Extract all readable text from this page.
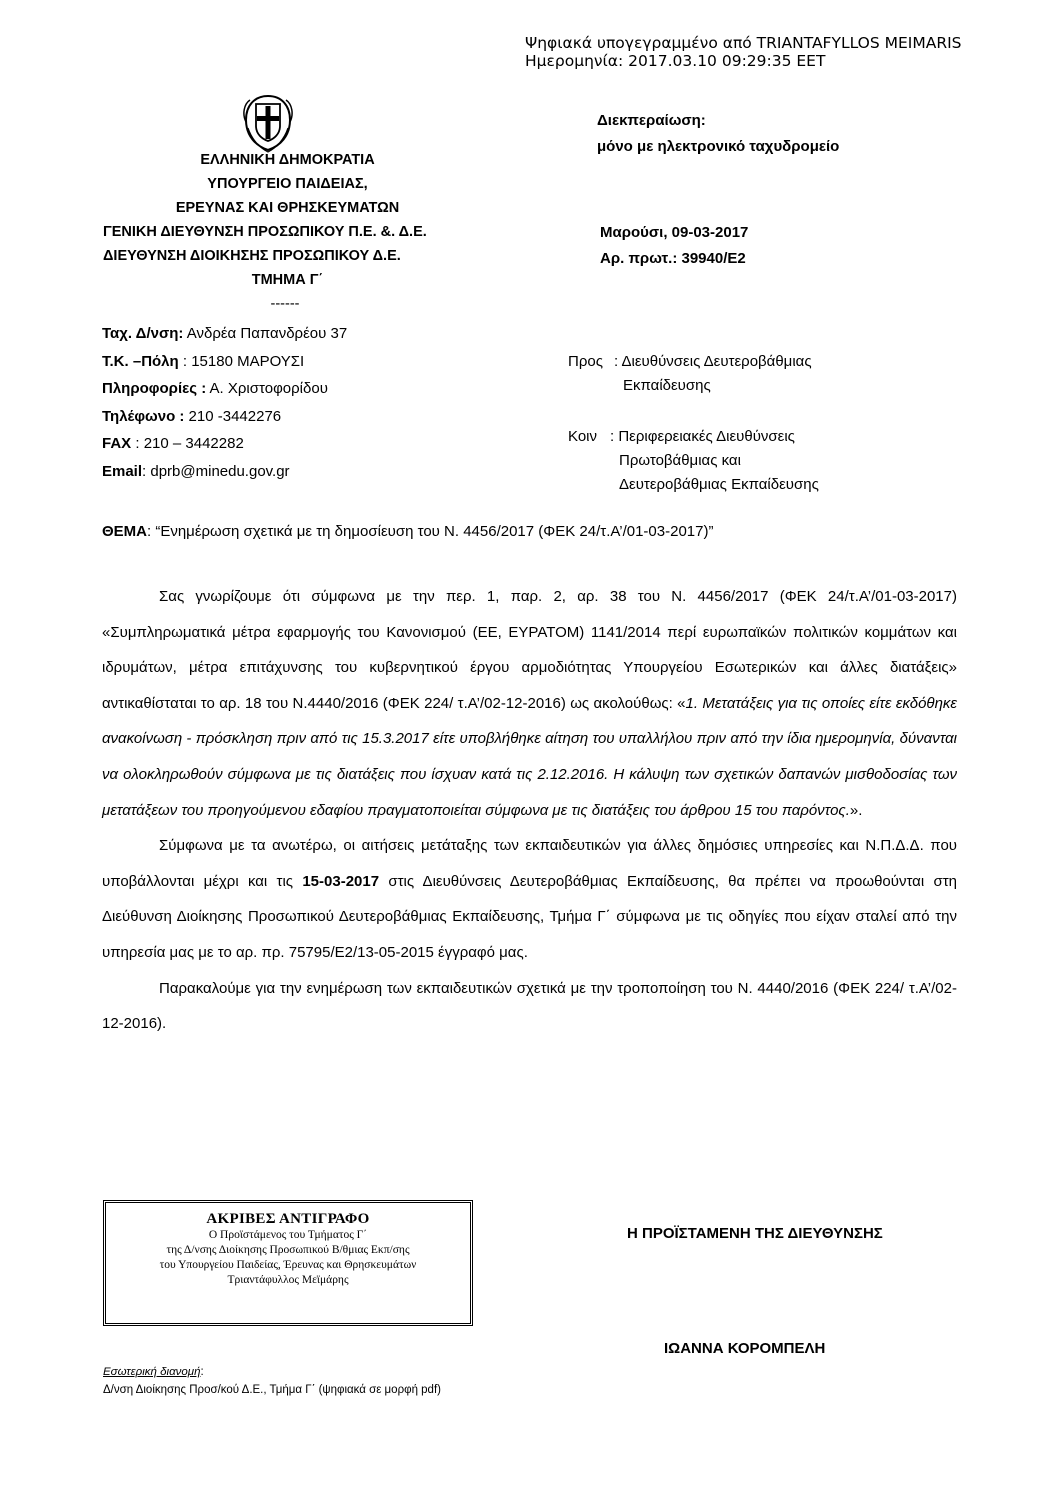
Ψηφιακά υπογεγραμμένο από TRIANTAFYLLOS MEIMARIS
Ημερομηνία: 2017.03.10 09:29:35 EET
ΕΛΛΗΝΙΚΗ ΔΗΜΟΚΡΑΤΙΑ
ΥΠΟΥΡΓΕΙΟ ΠΑΙΔΕΙΑΣ,
ΕΡΕΥΝΑΣ ΚΑΙ ΘΡΗΣΚΕΥΜΑΤΩΝ
ΓΕΝΙΚΗ ΔΙΕΥΘΥΝΣΗ ΠΡΟΣΩΠΙΚΟΥ Π.Ε. &. Δ.Ε.
ΔΙΕΥΘΥΝΣΗ ΔΙΟΙΚΗΣΗΣ ΠΡΟΣΩΠΙΚΟΥ Δ.Ε.
ΤΜΗΜΑ Γ΄
------
Ταχ. Δ/νση: Ανδρέα Παπανδρέου 37
Τ.Κ. –Πόλη : 15180 ΜΑΡΟΥΣΙ
Πληροφορίες : Α. Χριστοφορίδου
Τηλέφωνο : 210 -3442276
FAX : 210 – 3442282
Email: dprb@minedu.gov.gr
Διεκπεραίωση:
μόνο με ηλεκτρονικό ταχυδρομείο
Μαρούσι, 09-03-2017
Αρ. πρωτ.: 39940/Ε2
Προς : Διευθύνσεις Δευτεροβάθμιας
Εκπαίδευσης
Κοιν : Περιφερειακές Διευθύνσεις
Πρωτοβάθμιας και
Δευτεροβάθμιας Εκπαίδευσης
ΘΕΜΑ: “Ενημέρωση σχετικά με τη δημοσίευση του Ν. 4456/2017 (ΦΕΚ 24/τ.Α’/01-03-2017)”

Σας γνωρίζουμε ότι σύμφωνα με την περ. 1, παρ. 2, αρ. 38 του Ν. 4456/2017 (ΦΕΚ 24/τ.Α’/01-03-2017) «Συμπληρωματικά μέτρα εφαρμογής του Κανονισμού (ΕΕ, ΕΥΡΑΤΟΜ) 1141/2014 περί ευρωπαϊκών πολιτικών κομμάτων και ιδρυμάτων, μέτρα επιτάχυνσης του κυβερνητικού έργου αρμοδιότητας Υπουργείου Εσωτερικών και άλλες διατάξεις» αντικαθίσταται το αρ. 18 του Ν.4440/2016 (ΦΕΚ 224/ τ.Α’/02-12-2016) ως ακολούθως: «1. Μετατάξεις για τις οποίες είτε εκδόθηκε ανακοίνωση - πρόσκληση πριν από τις 15.3.2017 είτε υποβλήθηκε αίτηση του υπαλλήλου πριν από την ίδια ημερομηνία, δύνανται να ολοκληρωθούν σύμφωνα με τις διατάξεις που ίσχυαν κατά τις 2.12.2016. Η κάλυψη των σχετικών δαπανών μισθοδοσίας των μετατάξεων του προηγούμενου εδαφίου πραγματοποιείται σύμφωνα με τις διατάξεις του άρθρου 15 του παρόντος.».

Σύμφωνα με τα ανωτέρω, οι αιτήσεις μετάταξης των εκπαιδευτικών για άλλες δημόσιες υπηρεσίες και Ν.Π.Δ.Δ. που υποβάλλονται μέχρι και τις 15-03-2017 στις Διευθύνσεις Δευτεροβάθμιας Εκπαίδευσης, θα πρέπει να προωθούνται στη Διεύθυνση Διοίκησης Προσωπικού Δευτεροβάθμιας Εκπαίδευσης, Τμήμα Γ΄ σύμφωνα με τις οδηγίες που είχαν σταλεί από την υπηρεσία μας με το αρ. πρ. 75795/Ε2/13-05-2015 έγγραφό μας.

Παρακαλούμε για την ενημέρωση των εκπαιδευτικών σχετικά με την τροποποίηση του Ν. 4440/2016 (ΦΕΚ 224/ τ.Α’/02-12-2016).

ΑΚΡΙΒΕΣ ΑΝΤΙΓΡΑΦΟ
Ο Προϊστάμενος του Τμήματος Γ΄
της Δ/νσης Διοίκησης Προσωπικού Β/θμιας Εκπ/σης
του Υπουργείου Παιδείας, Έρευνας και Θρησκευμάτων
Τριαντάφυλλος Μεϊμάρης
Η ΠΡΟΪΣΤΑΜΕΝΗ ΤΗΣ ΔΙΕΥΘΥΝΣΗΣ
ΙΩΑΝΝΑ ΚΟΡΟΜΠΕΛΗ
Εσωτερική διανομή:
Δ/νση Διοίκησης Προσ/κού Δ.Ε., Τμήμα Γ΄ (ψηφιακά σε μορφή pdf)
